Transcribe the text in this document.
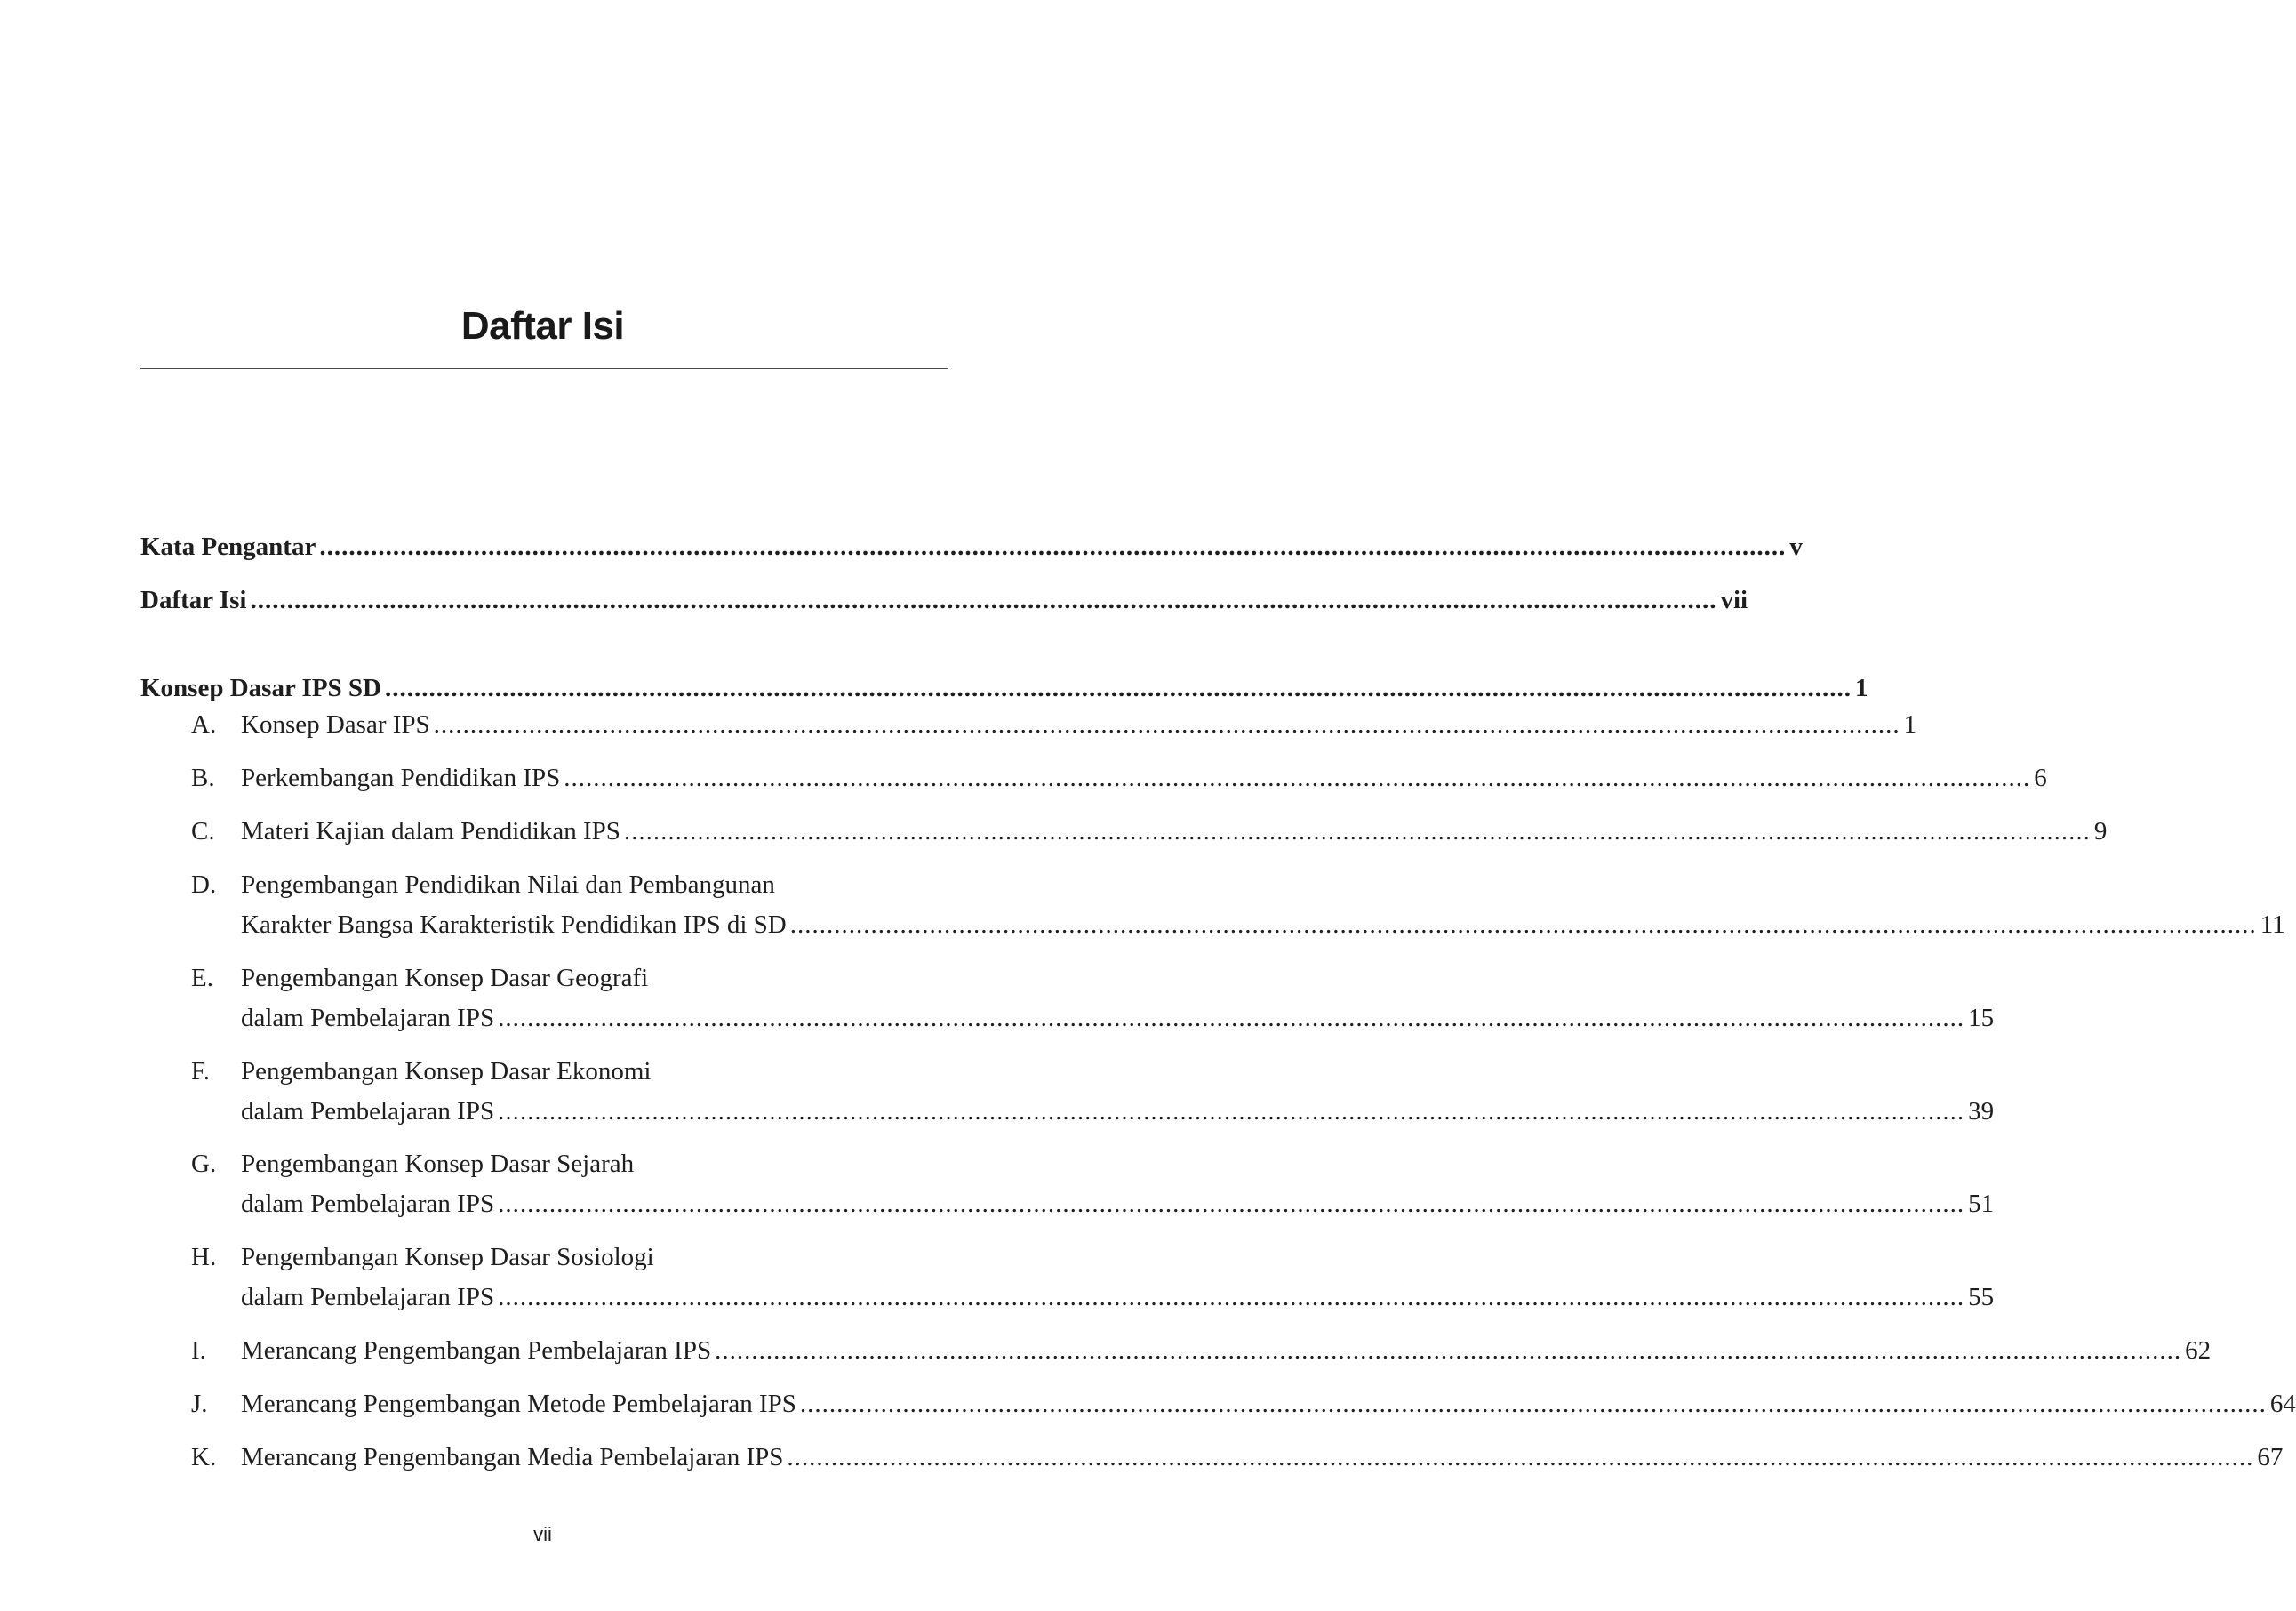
Daftar Isi
Kata Pengantar ........................................................................................................................................................................................................ v
Daftar Isi ........................................................................................................................................................................................................ vii
Konsep Dasar IPS SD ........................................................................................................................................................................................................ 1
A. Konsep Dasar IPS ........................................................................................................................................................................................................ 1
B.	Perkembangan Pendidikan IPS ........................................................................................................................................................................................................ 6
C.	Materi Kajian dalam Pendidikan IPS ........................................................................................................................................................................................................ 9
D. Pengembangan Pendidikan Nilai dan Pembangunan
Karakter Bangsa Karakteristik Pendidikan IPS di SD ........................................................................................................................................................................................................ 11
E.	Pengembangan Konsep Dasar Geografi
dalam Pembelajaran IPS ........................................................................................................................................................................................................ 15
F.	Pengembangan Konsep Dasar Ekonomi
dalam Pembelajaran IPS ........................................................................................................................................................................................................ 39
G. Pengembangan Konsep Dasar Sejarah
dalam Pembelajaran IPS ........................................................................................................................................................................................................ 51
H. Pengembangan Konsep Dasar Sosiologi
dalam Pembelajaran IPS ........................................................................................................................................................................................................ 55
I.	Merancang Pengembangan Pembelajaran IPS ........................................................................................................................................................................................................ 62
J.	Merancang Pengembangan Metode Pembelajaran IPS ........................................................................................................................................................................................................ 64
K. Merancang Pengembangan Media Pembelajaran IPS ........................................................................................................................................................................................................ 67
vii
